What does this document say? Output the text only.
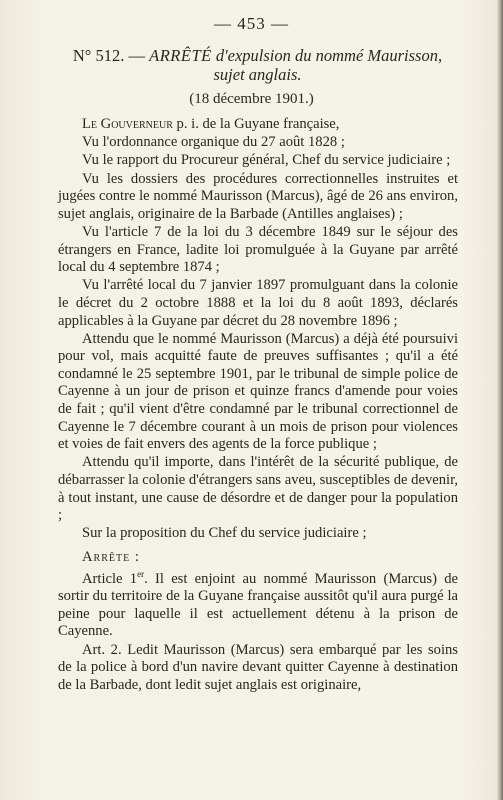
— 453 —
N° 512. — ARRÊTÉ d'expulsion du nommé Maurisson,
sujet anglais.
(18 décembre 1901.)

Le Gouverneur p. i. de la Guyane française,

Vu l'ordonnance organique du 27 août 1828 ;

Vu le rapport du Procureur général, Chef du service judiciaire ;

Vu les dossiers des procédures correctionnelles instruites et jugées contre le nommé Maurisson (Marcus), âgé de 26 ans environ, sujet anglais, originaire de la Barbade (Antilles anglaises) ;

Vu l'article 7 de la loi du 3 décembre 1849 sur le séjour des étrangers en France, ladite loi promulguée à la Guyane par arrêté local du 4 septembre 1874 ;

Vu l'arrêté local du 7 janvier 1897 promulguant dans la colonie le décret du 2 octobre 1888 et la loi du 8 août 1893, déclarés applicables à la Guyane par décret du 28 novembre 1896 ;

Attendu que le nommé Maurisson (Marcus) a déjà été poursuivi pour vol, mais acquitté faute de preuves suffisantes ; qu'il a été condamné le 25 septembre 1901, par le tribunal de simple police de Cayenne à un jour de prison et quinze francs d'amende pour voies de fait ; qu'il vient d'être condamné par le tribunal correctionnel de Cayenne le 7 décembre courant à un mois de prison pour violences et voies de fait envers des agents de la force publique ;

Attendu qu'il importe, dans l'intérêt de la sécurité publique, de débarrasser la colonie d'étrangers sans aveu, susceptibles de devenir, à tout instant, une cause de désordre et de danger pour la population ;

Sur la proposition du Chef du service judiciaire ;

Arrête :

Article 1er. Il est enjoint au nommé Maurisson (Marcus) de sortir du territoire de la Guyane française aussitôt qu'il aura purgé la peine pour laquelle il est actuellement détenu à la prison de Cayenne.

Art. 2. Ledit Maurisson (Marcus) sera embarqué par les soins de la police à bord d'un navire devant quitter Cayenne à destination de la Barbade, dont ledit sujet anglais est originaire,
